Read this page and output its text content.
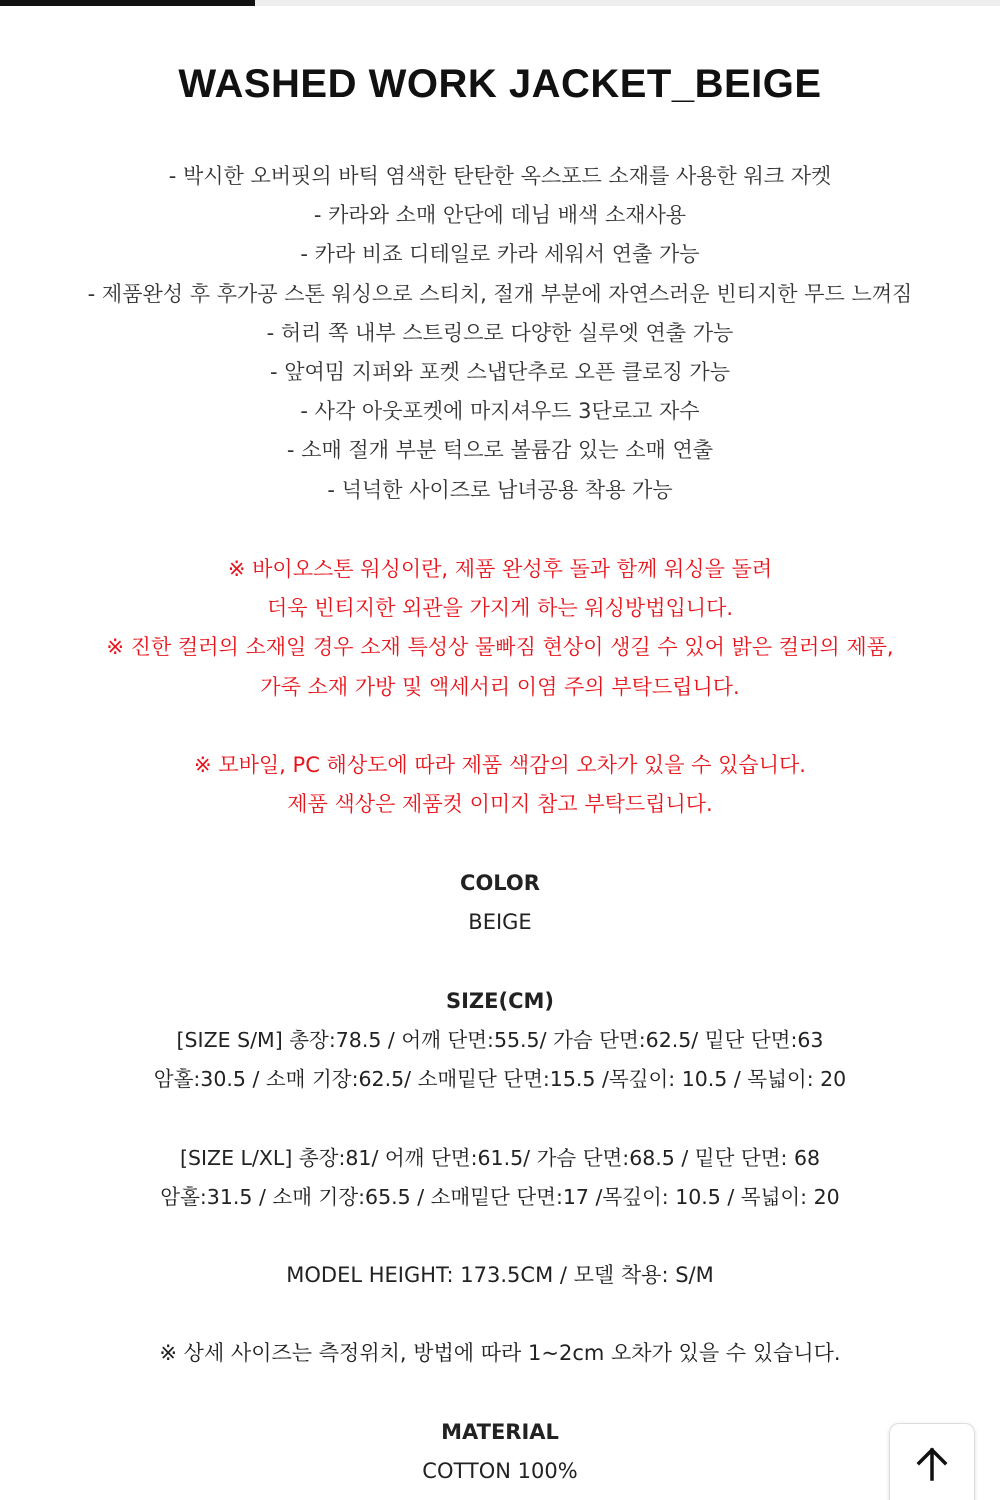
WASHED WORK JACKET_BEIGE
- 박시한 오버핏의 바틱 염색한 탄탄한 옥스포드 소재를 사용한 워크 자켓
- 카라와 소매 안단에 데님 배색 소재사용
- 카라 비죠 디테일로 카라 세워서 연출 가능
- 제품완성 후 후가공 스톤 워싱으로 스티치, 절개 부분에 자연스러운 빈티지한 무드 느껴짐
- 허리 쪽 내부 스트링으로 다양한 실루엣 연출 가능
- 앞여밈 지퍼와 포켓 스냅단추로 오픈 클로징 가능
- 사각 아웃포켓에 마지셔우드 3단로고 자수
- 소매 절개 부분 턱으로 볼륨감 있는 소매 연출
- 넉넉한 사이즈로 남녀공용 착용 가능
※ 바이오스톤 워싱이란, 제품 완성후 돌과 함께 워싱을 돌려
더욱 빈티지한 외관을 가지게 하는 워싱방법입니다.
※ 진한 컬러의 소재일 경우 소재 특성상 물빠짐 현상이 생길 수 있어 밝은 컬러의 제품,
가죽 소재 가방 및 액세서리 이염 주의 부탁드립니다.
※ 모바일, PC 해상도에 따라 제품 색감의 오차가 있을 수 있습니다.
제품 색상은 제품컷 이미지 참고 부탁드립니다.
COLOR
BEIGE
SIZE(CM)
[SIZE S/M] 총장:78.5 / 어깨 단면:55.5/ 가슴 단면:62.5/ 밑단 단면:63
암홀:30.5 / 소매 기장:62.5/ 소매밑단 단면:15.5 /목깊이: 10.5 / 목넓이: 20
[SIZE L/XL] 총장:81/ 어깨 단면:61.5/ 가슴 단면:68.5 / 밑단 단면: 68
암홀:31.5 / 소매 기장:65.5 / 소매밑단 단면:17 /목깊이: 10.5 / 목넓이: 20
MODEL HEIGHT: 173.5CM / 모델 착용: S/M
※ 상세 사이즈는 측정위치, 방법에 따라 1~2cm 오차가 있을 수 있습니다.
MATERIAL
COTTON 100%
